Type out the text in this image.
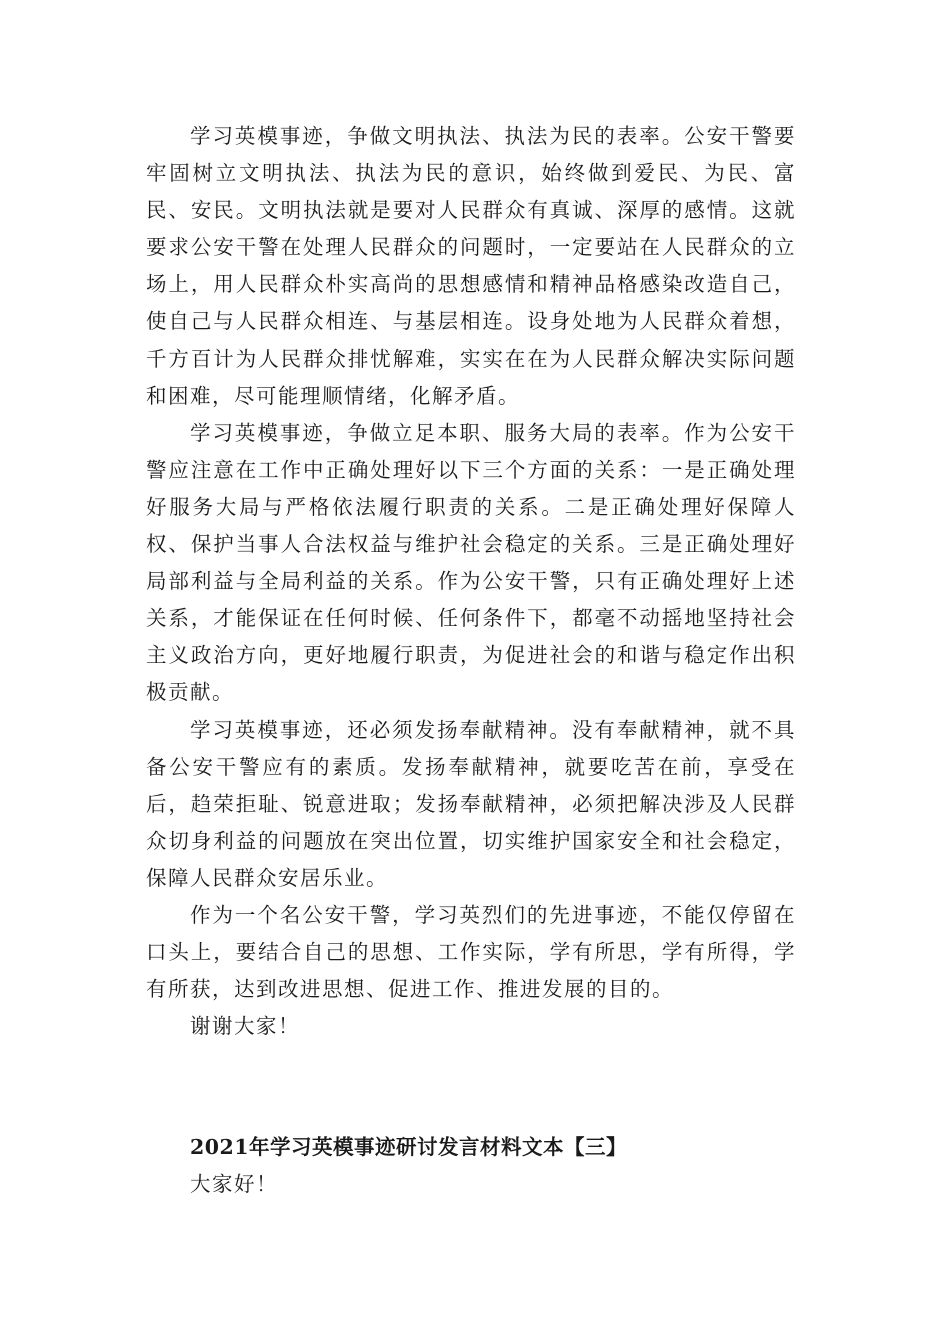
学习英模事迹，争做文明执法、执法为民的表率。公安干警要牢固树立文明执法、执法为民的意识，始终做到爱民、为民、富民、安民。文明执法就是要对人民群众有真诚、深厚的感情。这就要求公安干警在处理人民群众的问题时，一定要站在人民群众的立场上，用人民群众朴实高尚的思想感情和精神品格感染改造自己，使自己与人民群众相连、与基层相连。设身处地为人民群众着想，千方百计为人民群众排忧解难，实实在在为人民群众解决实际问题和困难，尽可能理顺情绪，化解矛盾。

学习英模事迹，争做立足本职、服务大局的表率。作为公安干警应注意在工作中正确处理好以下三个方面的关系：一是正确处理好服务大局与严格依法履行职责的关系。二是正确处理好保障人权、保护当事人合法权益与维护社会稳定的关系。三是正确处理好局部利益与全局利益的关系。作为公安干警，只有正确处理好上述关系，才能保证在任何时候、任何条件下，都毫不动摇地坚持社会主义政治方向，更好地履行职责，为促进社会的和谐与稳定作出积极贡献。

学习英模事迹，还必须发扬奉献精神。没有奉献精神，就不具备公安干警应有的素质。发扬奉献精神，就要吃苦在前，享受在后，趋荣拒耻、锐意进取；发扬奉献精神，必须把解决涉及人民群众切身利益的问题放在突出位置，切实维护国家安全和社会稳定，保障人民群众安居乐业。

作为一个名公安干警，学习英烈们的先进事迹，不能仅停留在口头上，要结合自己的思想、工作实际，学有所思，学有所得，学有所获，达到改进思想、促进工作、推进发展的目的。

谢谢大家！

2021年学习英模事迹研讨发言材料文本【三】

大家好！
